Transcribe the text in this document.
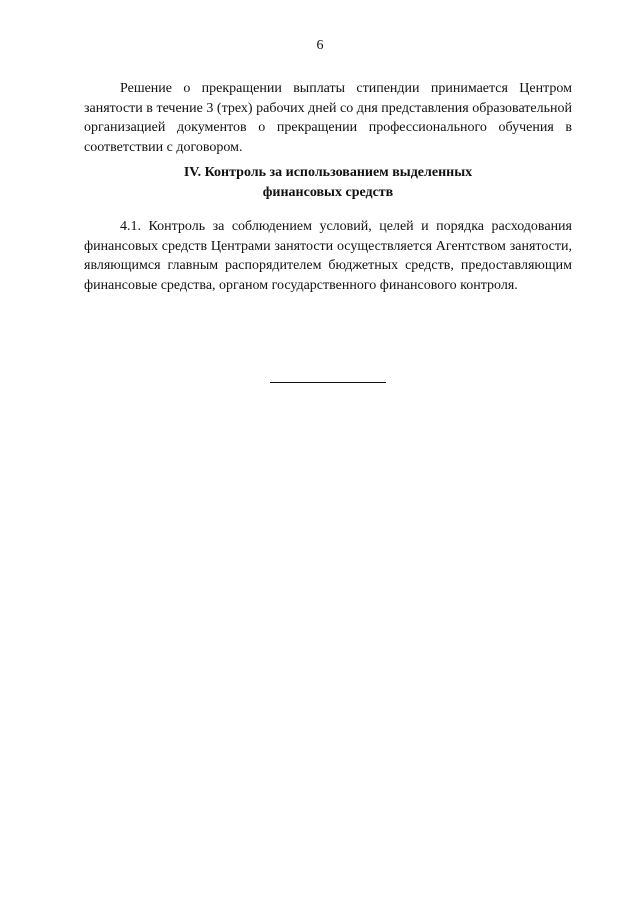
6

Решение о прекращении выплаты стипендии принимается Центром занятости в течение 3 (трех) рабочих дней со дня представления образовательной организацией документов о прекращении профессионального обучения в соответствии с договором.

IV. Контроль за использованием выделенных
финансовых средств

4.1. Контроль за соблюдением условий, целей и порядка расходования финансовых средств Центрами занятости осуществляется Агентством занятости, являющимся главным распорядителем бюджетных средств, предоставляющим финансовые средства, органом государственного финансового контроля.
